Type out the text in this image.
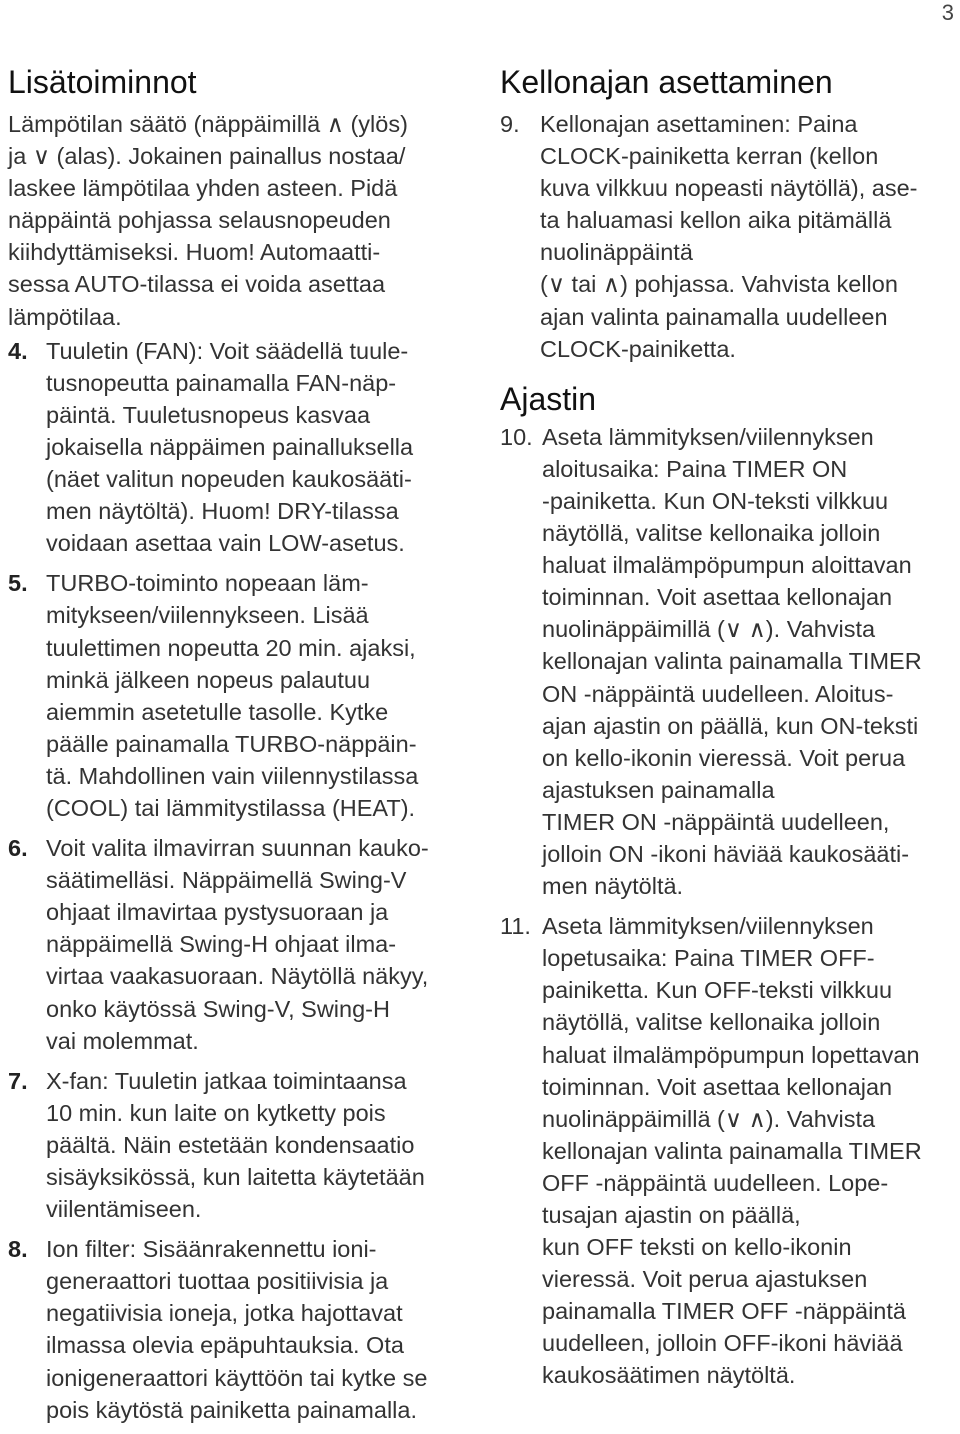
3
Lisätoiminnot

Lämpötilan säätö (näppäimillä ∧ (ylös)
ja ∨ (alas). Jokainen painallus nostaa/
laskee lämpötilaa yhden asteen. Pidä
näppäintä pohjassa selausnopeuden
kiihdyttämiseksi. Huom! Automaatti-
sessa AUTO-tilassa ei voida asettaa
lämpötilaa.

4. Tuuletin (FAN): Voit säädellä tuule-
tusnopeutta painamalla FAN-näp-
päintä. Tuuletusnopeus kasvaa
jokaisella näppäimen painalluksella
(näet valitun nopeuden kaukosääti-
men näytöltä). Huom! DRY-tilassa
voidaan asettaa vain LOW-asetus.
5. TURBO-toiminto nopeaan läm-
mitykseen/viilennykseen. Lisää
tuulettimen nopeutta 20 min. ajaksi,
minkä jälkeen nopeus palautuu
aiemmin asetetulle tasolle. Kytke
päälle painamalla TURBO-näppäin-
tä. Mahdollinen vain viilennystilassa
(COOL) tai lämmitystilassa (HEAT).
6. Voit valita ilmavirran suunnan kauko-
säätimelläsi. Näppäimellä Swing-V
ohjaat ilmavirtaa pystysuoraan ja
näppäimellä Swing-H ohjaat ilma-
virtaa vaakasuoraan. Näytöllä näkyy,
onko käytössä Swing-V, Swing-H
vai molemmat.
7. X-fan: Tuuletin jatkaa toimintaansa
10 min. kun laite on kytketty pois
päältä. Näin estetään kondensaatio
sisäyksikössä, kun laitetta käytetään
viilentämiseen.
8. Ion filter: Sisäänrakennettu ioni-
generaattori tuottaa positiivisia ja
negatiivisia ioneja, jotka hajottavat
ilmassa olevia epäpuhtauksia. Ota
ionigeneraattori käyttöön tai kytke se
pois käytöstä painiketta painamalla.
Kellonajan asettaminen
9. Kellonajan asettaminen: Paina
CLOCK-painiketta kerran (kellon
kuva vilkkuu nopeasti näytöllä), ase-
ta haluamasi kellon aika pitämällä
nuolinäppäintä
(∨ tai ∧) pohjassa. Vahvista kellon
ajan valinta painamalla uudelleen
CLOCK-painiketta.
Ajastin
10. Aseta lämmityksen/viilennyksen
aloitusaika: Paina TIMER ON
-painiketta. Kun ON-teksti vilkkuu
näytöllä, valitse kellonaika jolloin
haluat ilmalämpöpumpun aloittavan
toiminnan. Voit asettaa kellonajan
nuolinäppäimillä (∨ ∧). Vahvista
kellonajan valinta painamalla TIMER
ON -näppäintä uudelleen. Aloitus-
ajan ajastin on päällä, kun ON-teksti
on kello-ikonin vieressä. Voit perua
ajastuksen painamalla
TIMER ON -näppäintä uudelleen,
jolloin ON -ikoni häviää kaukosääti-
men näytöltä.
11. Aseta lämmityksen/viilennyksen
lopetusaika: Paina TIMER OFF-
painiketta. Kun OFF-teksti vilkkuu
näytöllä, valitse kellonaika jolloin
haluat ilmalämpöpumpun lopettavan
toiminnan. Voit asettaa kellonajan
nuolinäppäimillä (∨ ∧). Vahvista
kellonajan valinta painamalla TIMER
OFF -näppäintä uudelleen. Lope-
tusajan ajastin on päällä,
kun OFF teksti on kello-ikonin
vieressä. Voit perua ajastuksen
painamalla TIMER OFF -näppäintä
uudelleen, jolloin OFF-ikoni häviää
kaukosäätimen näytöltä.
